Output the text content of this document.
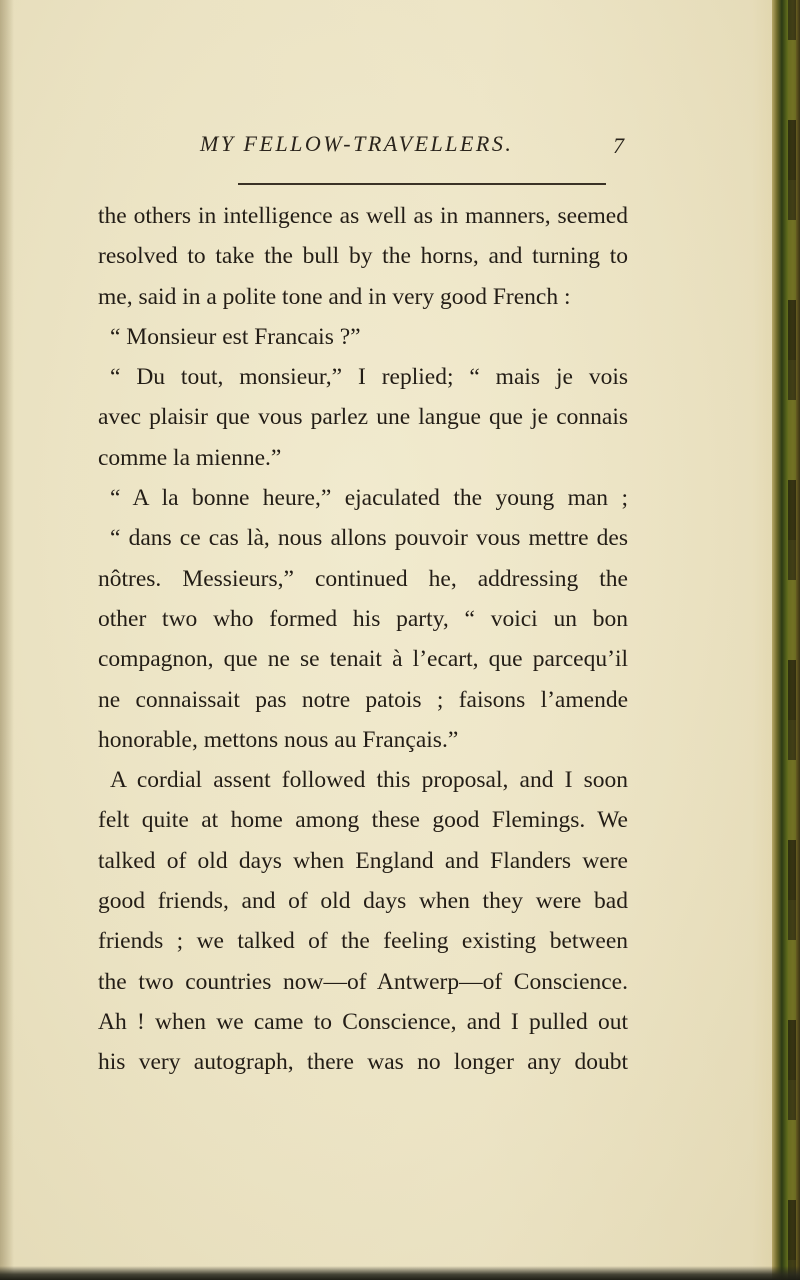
MY FELLOW-TRAVELLERS.	7
the others in intelligence as well as in manners, seemed
resolved to take the bull by the horns, and turning to
me, said in a polite tone and in very good French :
“ Monsieur est Francais ?”
“ Du tout, monsieur,” I replied; “ mais je vois
avec plaisir que vous parlez une langue que je connais
comme la mienne.”
“ A la bonne heure,” ejaculated the young man ;
“ dans ce cas là, nous allons pouvoir vous mettre des
nôtres. Messieurs,” continued he, addressing the
other two who formed his party, “ voici un bon
compagnon, que ne se tenait à l’ecart, que parcequ’il
ne connaissait pas notre patois ; faisons l’amende
honorable, mettons nous au Français.”
A cordial assent followed this proposal, and I soon
felt quite at home among these good Flemings. We
talked of old days when England and Flanders were
good friends, and of old days when they were bad
friends ; we talked of the feeling existing between
the two countries now—of Antwerp—of Conscience.
Ah ! when we came to Conscience, and I pulled out
his very autograph, there was no longer any doubt
